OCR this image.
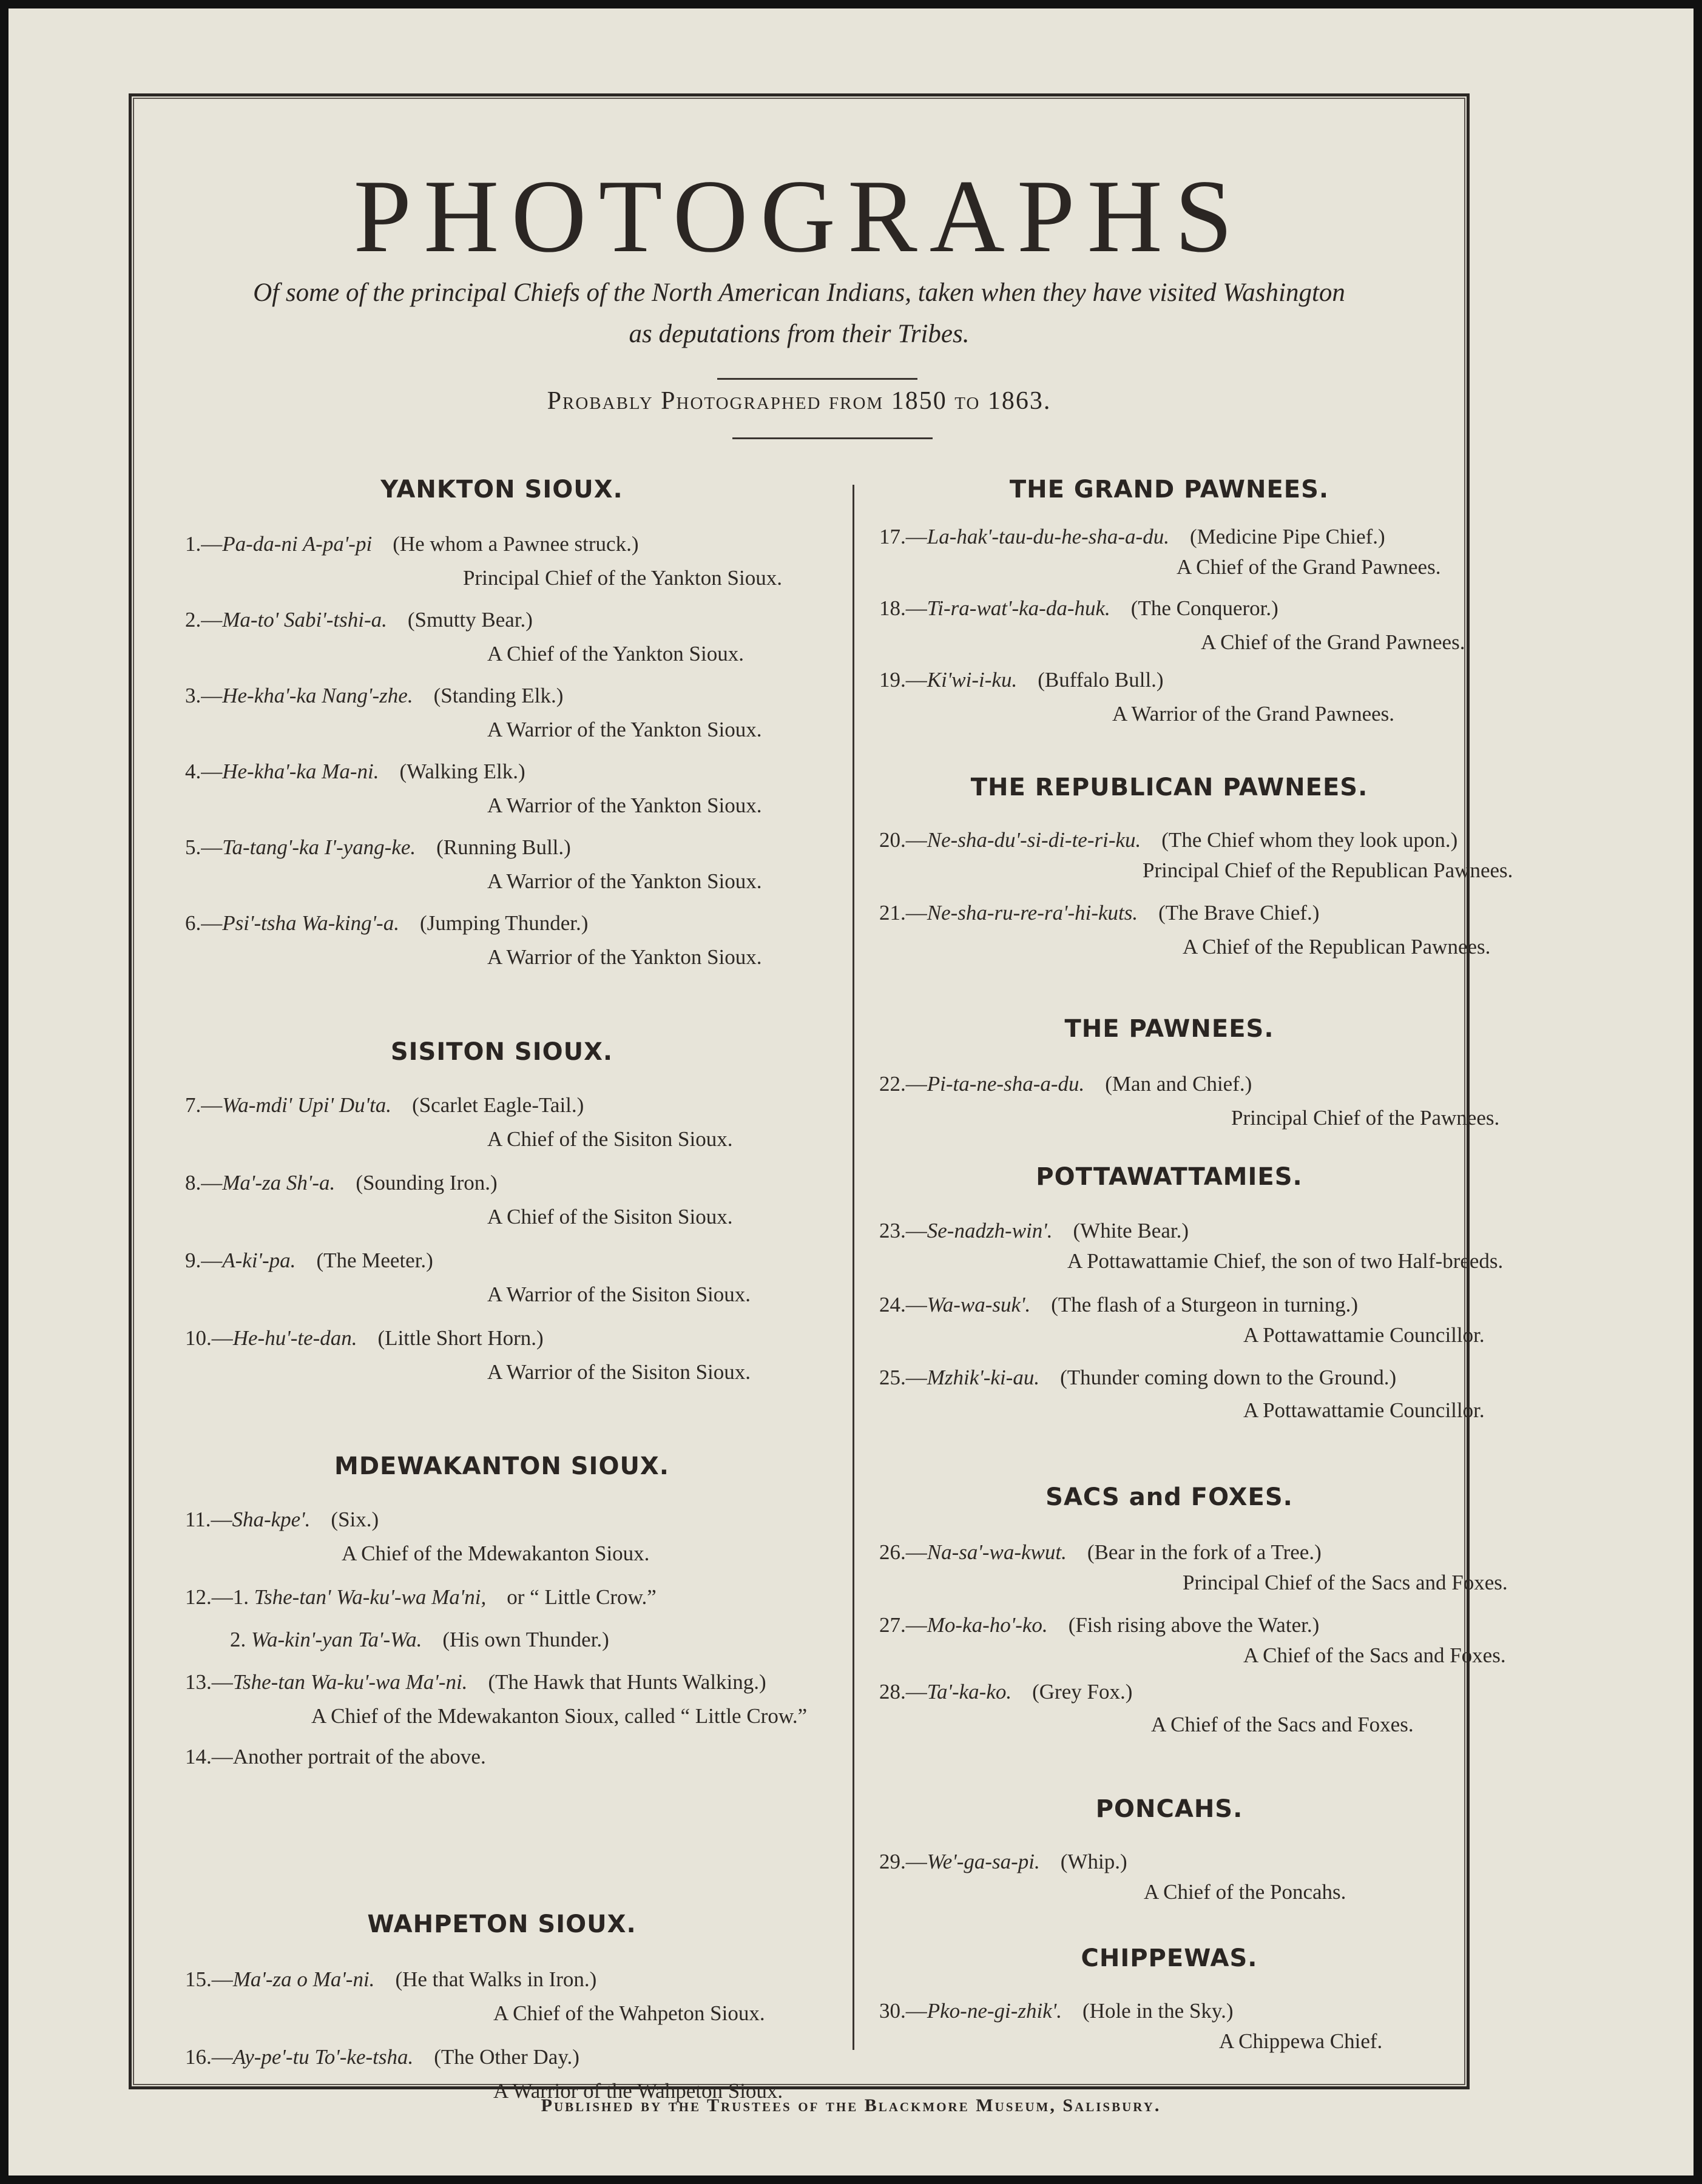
PHOTOGRAPHS
Of some of the principal Chiefs of the North American Indians, taken when they have visited Washington
as deputations from their Tribes.
Probably Photographed from 1850 to 1863.
YANKTON SIOUX.
1.—Pa-da-ni A-pa'-pi (He whom a Pawnee struck.)
Principal Chief of the Yankton Sioux.
2.—Ma-to' Sabi'-tshi-a. (Smutty Bear.)
A Chief of the Yankton Sioux.
3.—He-kha'-ka Nang'-zhe. (Standing Elk.)
A Warrior of the Yankton Sioux.
4.—He-kha'-ka Ma-ni. (Walking Elk.)
A Warrior of the Yankton Sioux.
5.—Ta-tang'-ka I'-yang-ke. (Running Bull.)
A Warrior of the Yankton Sioux.
6.—Psi'-tsha Wa-king'-a. (Jumping Thunder.)
A Warrior of the Yankton Sioux.
SISITON SIOUX.
7.—Wa-mdi' Upi' Du'ta. (Scarlet Eagle-Tail.)
A Chief of the Sisiton Sioux.
8.—Ma'-za Sh'-a. (Sounding Iron.)
A Chief of the Sisiton Sioux.
9.—A-ki'-pa. (The Meeter.)
A Warrior of the Sisiton Sioux.
10.—He-hu'-te-dan. (Little Short Horn.)
A Warrior of the Sisiton Sioux.
MDEWAKANTON SIOUX.
11.—Sha-kpe'. (Six.)
A Chief of the Mdewakanton Sioux.
12.—1. Tshe-tan' Wa-ku'-wa Ma'ni, or “ Little Crow.”
2. Wa-kin'-yan Ta'-Wa. (His own Thunder.)
13.—Tshe-tan Wa-ku'-wa Ma'-ni. (The Hawk that Hunts Walking.)
A Chief of the Mdewakanton Sioux, called “ Little Crow.”
14.—Another portrait of the above.
WAHPETON SIOUX.
15.—Ma'-za o Ma'-ni. (He that Walks in Iron.)
A Chief of the Wahpeton Sioux.
16.—Ay-pe'-tu To'-ke-tsha. (The Other Day.)
A Warrior of the Wahpeton Sioux.
THE GRAND PAWNEES.
17.—La-hak'-tau-du-he-sha-a-du. (Medicine Pipe Chief.)
A Chief of the Grand Pawnees.
18.—Ti-ra-wat'-ka-da-huk. (The Conqueror.)
A Chief of the Grand Pawnees.
19.—Ki'wi-i-ku. (Buffalo Bull.)
A Warrior of the Grand Pawnees.
THE REPUBLICAN PAWNEES.
20.—Ne-sha-du'-si-di-te-ri-ku. (The Chief whom they look upon.)
Principal Chief of the Republican Pawnees.
21.—Ne-sha-ru-re-ra'-hi-kuts. (The Brave Chief.)
A Chief of the Republican Pawnees.
THE PAWNEES.
22.—Pi-ta-ne-sha-a-du. (Man and Chief.)
Principal Chief of the Pawnees.
POTTAWATTAMIES.
23.—Se-nadzh-win'. (White Bear.)
A Pottawattamie Chief, the son of two Half-breeds.
24.—Wa-wa-suk'. (The flash of a Sturgeon in turning.)
A Pottawattamie Councillor.
25.—Mzhik'-ki-au. (Thunder coming down to the Ground.)
A Pottawattamie Councillor.
SACS and FOXES.
26.—Na-sa'-wa-kwut. (Bear in the fork of a Tree.)
Principal Chief of the Sacs and Foxes.
27.—Mo-ka-ho'-ko. (Fish rising above the Water.)
A Chief of the Sacs and Foxes.
28.—Ta'-ka-ko. (Grey Fox.)
A Chief of the Sacs and Foxes.
PONCAHS.
29.—We'-ga-sa-pi. (Whip.)
A Chief of the Poncahs.
CHIPPEWAS.
30.—Pko-ne-gi-zhik'. (Hole in the Sky.)
A Chippewa Chief.
Published by the Trustees of the Blackmore Museum, Salisbury.
